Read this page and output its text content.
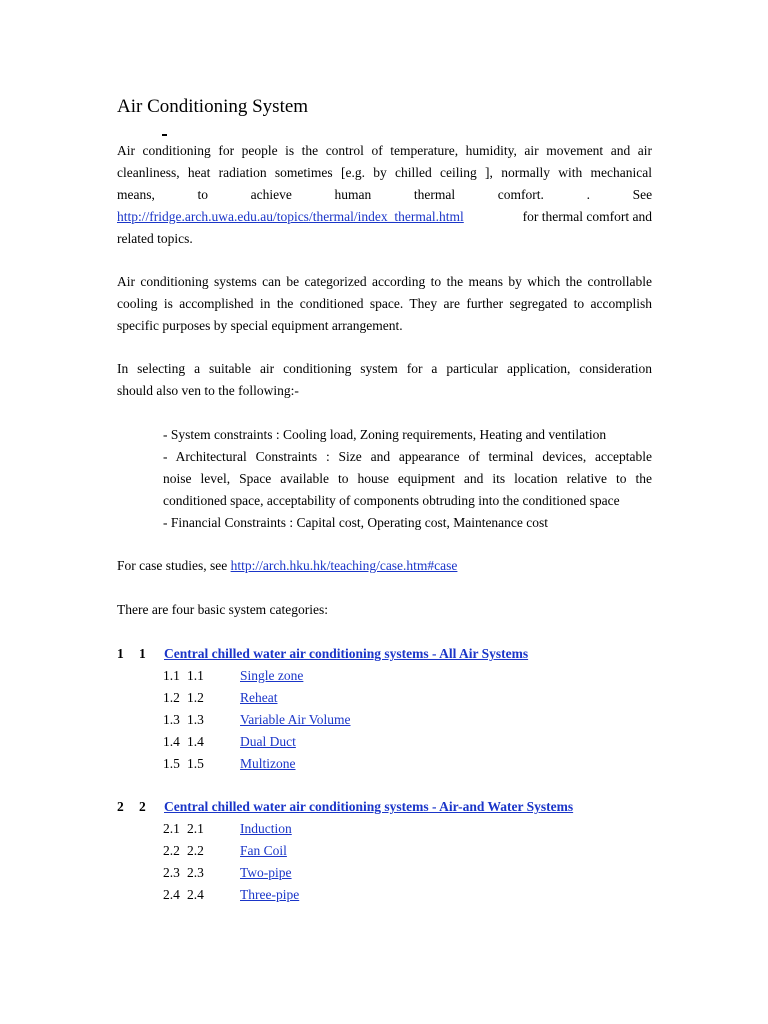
Air Conditioning System
Air conditioning for people is the control of temperature, humidity, air movement and air
cleanliness, heat radiation sometimes [e.g. by chilled ceiling ], normally with mechanical
means,	to	achieve	human	thermal	comfort.	.	See
http://fridge.arch.uwa.edu.au/topics/thermal/index_thermal.html	for thermal comfort and
related topics.
Air conditioning systems can be categorized according to the means by which the controllable
cooling is accomplished in the conditioned space. They are further segregated to accomplish
specific purposes by special equipment arrangement.
In selecting a suitable air conditioning system for a particular application, consideration
should also ven to the following:-
- System constraints : Cooling load, Zoning requirements, Heating and ventilation
- Architectural Constraints : Size and appearance of terminal devices, acceptable
noise level, Space available to house equipment and its location relative to the
conditioned space, acceptability of components obtruding into the conditioned space
- Financial Constraints : Capital cost, Operating cost, Maintenance cost
For case studies, see http://arch.hku.hk/teaching/case.htm#case
There are four basic system categories:
1 1 Central chilled water air conditioning systems - All Air Systems
1.1 1.1	Single zone
1.2 1.2	Reheat
1.3 1.3	Variable Air Volume
1.4 1.4	Dual Duct
1.5 1.5	Multizone
2 2 Central chilled water air conditioning systems - Air-and Water Systems
2.1 2.1	Induction
2.2 2.2	Fan Coil
2.3 2.3	Two-pipe
2.4 2.4	Three-pipe
